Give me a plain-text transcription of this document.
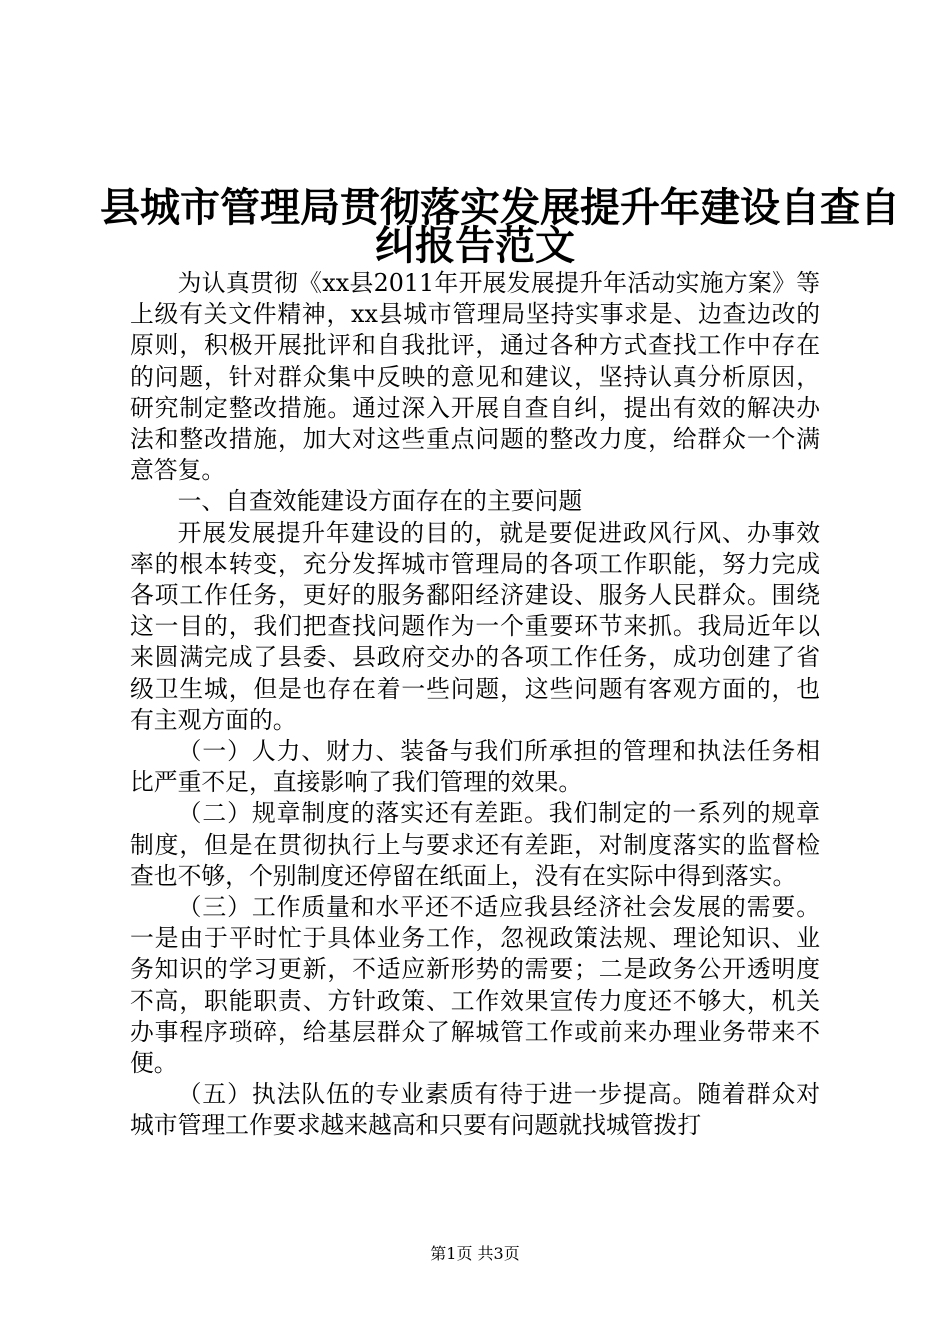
县城市管理局贯彻落实发展提升年建设自查自
纠报告范文

为认真贯彻《xx县2011年开展发展提升年活动实施方案》等上级有关文件精神，xx县城市管理局坚持实事求是、边查边改的原则，积极开展批评和自我批评，通过各种方式查找工作中存在的问题，针对群众集中反映的意见和建议，坚持认真分析原因，研究制定整改措施。通过深入开展自查自纠，提出有效的解决办法和整改措施，加大对这些重点问题的整改力度，给群众一个满意答复。

一、自查效能建设方面存在的主要问题

开展发展提升年建设的目的，就是要促进政风行风、办事效率的根本转变，充分发挥城市管理局的各项工作职能，努力完成各项工作任务，更好的服务鄱阳经济建设、服务人民群众。围绕这一目的，我们把查找问题作为一个重要环节来抓。我局近年以来圆满完成了县委、县政府交办的各项工作任务，成功创建了省级卫生城，但是也存在着一些问题，这些问题有客观方面的，也有主观方面的。

（一）人力、财力、装备与我们所承担的管理和执法任务相比严重不足，直接影响了我们管理的效果。

（二）规章制度的落实还有差距。我们制定的一系列的规章制度，但是在贯彻执行上与要求还有差距，对制度落实的监督检查也不够，个别制度还停留在纸面上，没有在实际中得到落实。

（三）工作质量和水平还不适应我县经济社会发展的需要。一是由于平时忙于具体业务工作，忽视政策法规、理论知识、业务知识的学习更新，不适应新形势的需要；二是政务公开透明度不高，职能职责、方针政策、工作效果宣传力度还不够大，机关办事程序琐碎，给基层群众了解城管工作或前来办理业务带来不便。

（五）执法队伍的专业素质有待于进一步提高。随着群众对城市管理工作要求越来越高和只要有问题就找城管拨打

第1页 共3页
